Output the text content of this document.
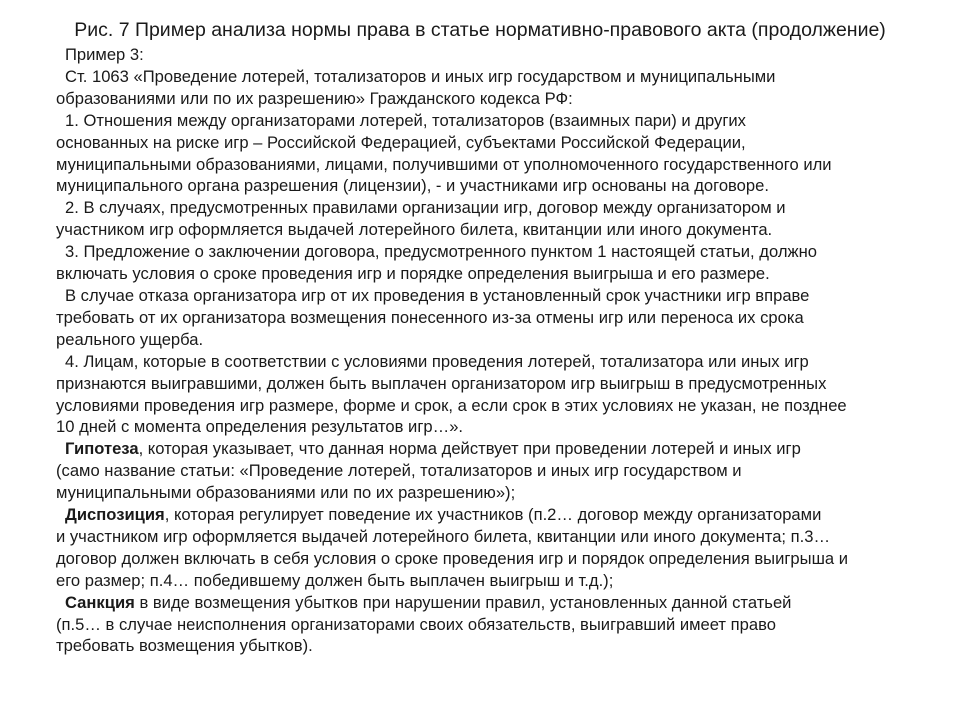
Рис. 7 Пример анализа нормы права в статье нормативно-правового акта (продолжение)
Пример 3:
Ст. 1063 «Проведение лотерей, тотализаторов и иных игр государством и муниципальными
образованиями или по их разрешению» Гражданского кодекса РФ:
1. Отношения между организаторами лотерей, тотализаторов (взаимных пари) и других
основанных на риске игр – Российской Федерацией, субъектами Российской Федерации,
муниципальными образованиями, лицами, получившими от уполномоченного государственного или
муниципального органа разрешения (лицензии), - и участниками игр основаны на договоре.
2. В случаях, предусмотренных правилами организации игр, договор между организатором и
участником игр оформляется выдачей лотерейного билета, квитанции или иного документа.
3. Предложение о заключении договора, предусмотренного пунктом 1 настоящей статьи, должно
включать условия о сроке проведения игр и порядке определения выигрыша и его размере.
В случае отказа организатора игр от их проведения в установленный срок участники игр вправе
требовать от их организатора возмещения понесенного из-за отмены игр или переноса их срока
реального ущерба.
4. Лицам, которые в соответствии с условиями проведения лотерей, тотализатора или иных игр
признаются выигравшими, должен быть выплачен организатором игр выигрыш в предусмотренных
условиями проведения игр размере, форме и срок, а если срок в этих условиях не указан, не позднее
10 дней с момента определения результатов игр…».
Гипотеза, которая указывает, что данная норма действует при проведении лотерей и иных игр
(само название статьи: «Проведение лотерей, тотализаторов и иных игр государством и
муниципальными образованиями или по их разрешению»);
Диспозиция, которая регулирует поведение их участников (п.2… договор между организаторами
и участником игр оформляется выдачей лотерейного билета, квитанции или иного документа; п.3…
договор должен включать в себя условия о сроке проведения игр и порядок определения выигрыша и
его размер; п.4… победившему должен быть выплачен выигрыш и т.д.);
Санкция в виде возмещения убытков при нарушении правил, установленных данной статьей
(п.5… в случае неисполнения организаторами своих обязательств, выигравший имеет право
требовать возмещения убытков).
